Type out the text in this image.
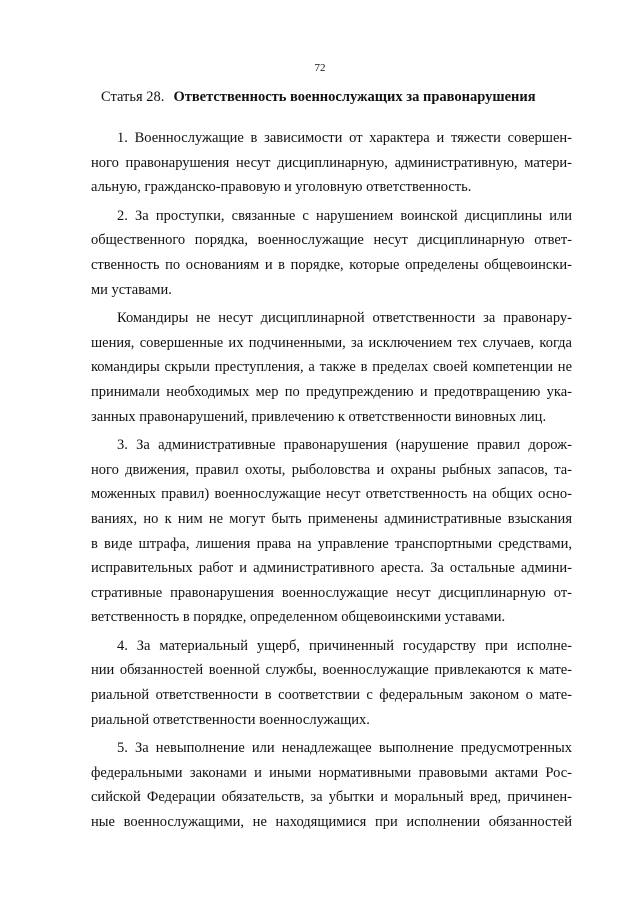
72
Статья 28. Ответственность военнослужащих за правонарушения
1. Военнослужащие в зависимости от характера и тяжести совершен-
ного правонарушения несут дисциплинарную, административную, матери-
альную, гражданско-правовую и уголовную ответственность.
2. За проступки, связанные с нарушением воинской дисциплины или
общественного порядка, военнослужащие несут дисциплинарную ответ-
ственность по основаниям и в порядке, которые определены общевоински-
ми уставами.
Командиры не несут дисциплинарной ответственности за правонару-
шения, совершенные их подчиненными, за исключением тех случаев, когда
командиры скрыли преступления, а также в пределах своей компетенции не
принимали необходимых мер по предупреждению и предотвращению ука-
занных правонарушений, привлечению к ответственности виновных лиц.
3. За административные правонарушения (нарушение правил дорож-
ного движения, правил охоты, рыболовства и охраны рыбных запасов, та-
моженных правил) военнослужащие несут ответственность на общих осно-
ваниях, но к ним не могут быть применены административные взыскания
в виде штрафа, лишения права на управление транспортными средствами,
исправительных работ и административного ареста. За остальные админи-
стративные правонарушения военнослужащие несут дисциплинарную от-
ветственность в порядке, определенном общевоинскими уставами.
4. За материальный ущерб, причиненный государству при исполне-
нии обязанностей военной службы, военнослужащие привлекаются к мате-
риальной ответственности в соответствии с федеральным законом о мате-
риальной ответственности военнослужащих.
5. За невыполнение или ненадлежащее выполнение предусмотренных
федеральными законами и иными нормативными правовыми актами Рос-
сийской Федерации обязательств, за убытки и моральный вред, причинен-
ные военнослужащими, не находящимися при исполнении обязанностей
